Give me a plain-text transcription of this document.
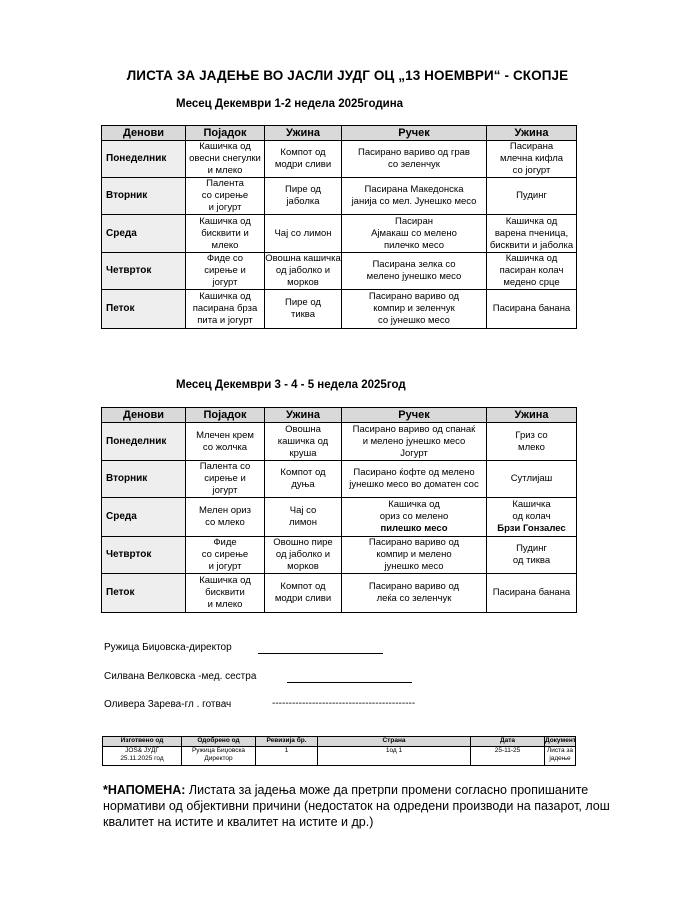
ЛИСТА ЗА ЈАДЕЊЕ ВО ЈАСЛИ ЈУДГ ОЦ „13 НОЕМВРИ“ - СКОПЈЕ
Месец Декември 1-2 недела 2025година
Денови	Појадок	Ужина	Ручек	Ужина
Понеделник	Кашичка од
овесни снегулки
и млеко	Компот од
модри сливи	Пасирано вариво од грав
со зеленчук	Пасирана
млечна кифла
со јогурт

Вторник	Палента
со сирење
и јогурт	Пире од
јаболка	Пасирана Македонска
јанија со мел. Јунешко месо	Пудинг

Среда	Кашичка од
бисквити и
млеко	Чај со лимон	Пасиран
Ајмакаш со мелено
пилечко месо	Кашичка од
варена пченица,
бисквити и јаболка

Четврток	Фиде со
сирење и
јогурт	Овошна кашичка
од јаболко и
морков	Пасирана зелка со
мелено јунешко месо	Кашичка од
пасиран колач
медено срце

Петок	Кашичка од
пасирана брза
пита и јогурт	Пире од
тиква	Пасирано вариво од
компир и зеленчук
со јунешко месо	Пасирана банана
Месец Декември 3 - 4 - 5 недела 2025год
Денови	Појадок	Ужина	Ручек	Ужина
Понеделник	Млечен крем
со жолчка	Овошна
кашичка од
круша	Пасирано вариво од спанаќ
и мелено јунешко месо
Јогурт	Гриз со
млеко

Вторник	Палента со
сирење и
јогурт	Компот од
дуња	Пасирано ќофте од мелено
јунешко месо во доматен сос	Сутлијаш

Среда	Мелен ориз
со млеко	Чај со
лимон	Кашичка од
ориз со мелено
пилешко месо	Кашичка
од колач
Брзи Гонзалес

Четврток	Фиде
со сирење
и јогурт	Овошно пире
од јаболко и
морков	Пасирано вариво од
компир и мелено
јунешко месо	Пудинг
од тиква

Петок	Кашичка од
бисквити
и млеко	Компот од
модри сливи	Пасирано вариво од
леќа со зеленчук	Пасирана банана
Ружица Биџовска-директор
Силвана Велковска -мед. сестра
Оливера Зарева-гл . готвач	-------------------------------------------
Изготвено од	Одобрено од	Ревизија бр.	Страна	Дата	Документ

ЈОЅ& ЈУДГ
25.11.2025 год	Ружица Биџовска
Директор	1	1од 1	25-11-25	Листа за
јадење
*НАПОМЕНА: Листата за јадења може да претрпи промени согласно пропишаните нормативи од објективни причини (недостаток на одредени производи на пазарот, лош квалитет на истите и квалитет на истите и др.)
